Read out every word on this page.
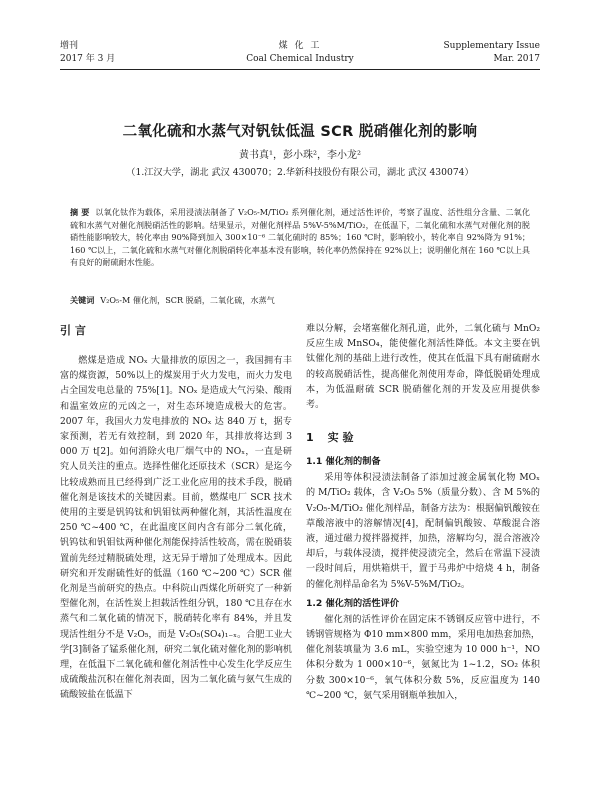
增刊
2017 年 3 月
煤 化 工
Coal Chemical Industry
Supplementary Issue
Mar. 2017
二氧化硫和水蒸气对钒钛低温 SCR 脱硝催化剂的影响
黄书真¹，彭小珠²，李小龙²
（1.江汉大学，湖北 武汉 430070；2.华新科技股份有限公司，湖北 武汉 430074）
摘 要 以氧化钛作为载体，采用浸渍法制备了 V₂O₅-M/TiO₂ 系列催化剂，通过活性评价，考察了温度、活性组分含量、二氧化硫和水蒸气对催化剂脱硝活性的影响。结果显示，对催化剂样品 5%V-5%M/TiO₂，在低温下，二氧化硫和水蒸气对催化剂的脱硝性能影响较大，转化率由 90%降到加入 300×10⁻⁶ 二氧化硫时的 85%；160 ℃时，影响较小，转化率自 92%降为 91%；160 ℃以上，二氧化硫和水蒸气对催化剂脱硝转化率基本没有影响，转化率仍然保持在 92%以上；说明催化剂在 160 ℃以上具有良好的耐硫耐水性能。
关键词 V₂O₅-M 催化剂，SCR 脱硝，二氧化硫，水蒸气
引 言

燃煤是造成 NOₓ 大量排放的原因之一，我国拥有丰富的煤资源，50%以上的煤炭用于火力发电，而火力发电占全国发电总量的 75%[1]。NOₓ 是造成大气污染、酸雨和温室效应的元凶之一，对生态环境造成极大的危害。2007 年，我国火力发电排放的 NOₓ 达 840 万 t，据专家预测，若无有效控制，到 2020 年，其排放将达到 3 000 万 t[2]。如何消除火电厂烟气中的 NOₓ，一直是研究人员关注的重点。选择性催化还原技术（SCR）是迄今比较成熟而且已经得到广泛工业化应用的技术手段，脱硝催化剂是该技术的关键因素。目前，燃煤电厂 SCR 技术使用的主要是钒钨钛和钒钼钛两种催化剂，其活性温度在 250 ℃~400 ℃，在此温度区间内含有部分二氧化硫，钒钨钛和钒钼钛两种催化剂能保持活性较高，需在脱硝装置前先经过精脱硫处理，这无异于增加了处理成本。因此研究和开发耐硫性好的低温（160 ℃~200 ℃）SCR 催化剂是当前研究的热点。中科院山西煤化所研究了一种新型催化剂，在活性炭上担载活性组分钒，180 ℃且存在水蒸气和二氧化硫的情况下，脱硝转化率有 84%，并且发现活性组分不是 V₂O₅，而是 V₂O₅(SO₄)₁₋ₓ。合肥工业大学[3]制备了锰系催化剂，研究二氧化硫对催化剂的影响机理，在低温下二氧化硫和催化剂活性中心发生化学反应生成硫酸盐沉积在催化剂表面，因为二氧化硫与氨气生成的硫酸铵盐在低温下

难以分解，会堵塞催化剂孔道，此外，二氧化硫与 MnO₂ 反应生成 MnSO₄，能使催化剂活性降低。本文主要在钒钛催化剂的基础上进行改性，使其在低温下具有耐硫耐水的较高脱硝活性，提高催化剂使用寿命，降低脱硝处理成本，为低温耐硫 SCR 脱硝催化剂的开发及应用提供参考。

1 实 验
1.1 催化剂的制备

采用等体积浸渍法制备了添加过渡金属氧化物 MOₓ 的 M/TiO₂ 载体，含 V₂O₅ 5%（质量分数）、含 M 5%的 V₂O₅-M/TiO₂ 催化剂样品，制备方法为：根据偏钒酸铵在草酸溶液中的溶解情况[4]，配制偏钒酸铵、草酸混合溶液，通过磁力搅拌器搅拌，加热，溶解均匀，混合溶液冷却后，与载体浸渍，搅拌使浸渍完全，然后在常温下浸渍一段时间后，用烘箱烘干，置于马弗炉中焙烧 4 h，制备的催化剂样品命名为 5%V-5%M/TiO₂。

1.2 催化剂的活性评价

催化剂的活性评价在固定床不锈钢反应管中进行，不锈钢管规格为 Φ10 mm×800 mm，采用电加热套加热，催化剂装填量为 3.6 mL，实验空速为 10 000 h⁻¹，NO 体积分数为 1 000×10⁻⁶，氨氮比为 1~1.2，SO₂ 体积分数 300×10⁻⁶，氧气体积分数 5%，反应温度为 140 ℃~200 ℃，氨气采用钢瓶单独加入，
